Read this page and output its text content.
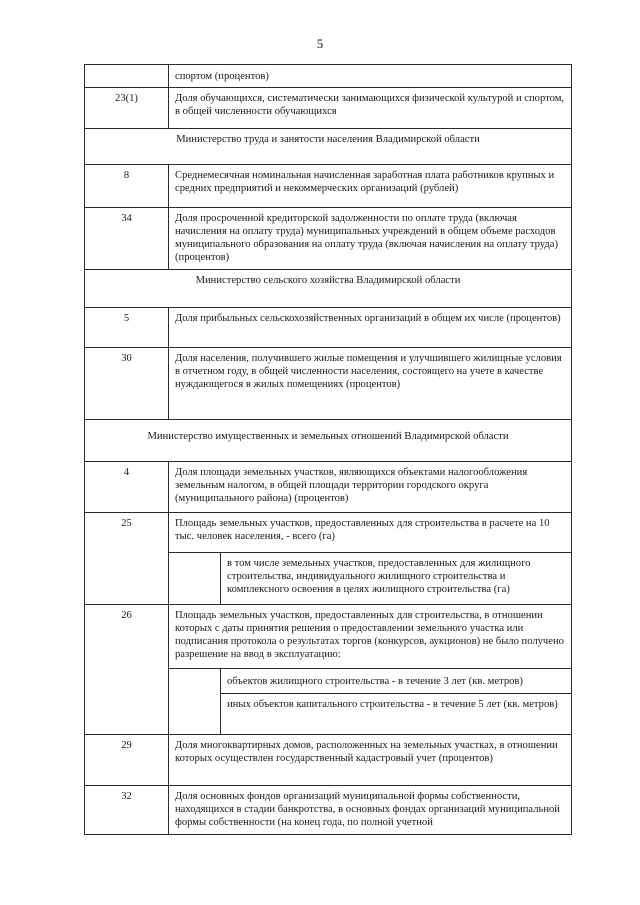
5
	спортом (процентов)	
23(1)	Доля обучающихся, систематически занимающихся физической культурой и спортом, в общей численности обучающихся	
Министерство труда и занятости населения Владимирской области		
8	Среднемесячная номинальная начисленная заработная плата работников крупных и средних предприятий и некоммерческих организаций (рублей)	
34	Доля просроченной кредиторской задолженности по оплате труда (включая начисления на оплату труда) муниципальных учреждений в общем объеме расходов муниципального образования на оплату труда (включая начисления на оплату труда) (процентов)	
Министерство сельского хозяйства Владимирской области		
5	Доля прибыльных сельскохозяйственных организаций в общем их числе (процентов)	
30	Доля населения, получившего жилые помещения и улучшившего жилищные условия в отчетном году, в общей численности населения, состоящего на учете в качестве нуждающегося в жилых помещениях (процентов)	
Министерство имущественных и земельных отношений Владимирской области		
4	Доля площади земельных участков, являющихся объектами налогообложения земельным налогом, в общей площади территории городского округа (муниципального района) (процентов)	
25	Площадь земельных участков, предоставленных для строительства в расчете на 10 тыс. человек населения, - всего (га)	
		в том числе земельных участков, предоставленных для жилищного строительства, индивидуального жилищного строительства и комплексного освоения в целях жилищного строительства (га)
26	Площадь земельных участков, предоставленных для строительства, в отношении которых с даты принятия решения о предоставлении земельного участка или подписания протокола о результатах торгов (конкурсов, аукционов) не было получено разрешение на ввод в эксплуатацию:	
		объектов жилищного строительства - в течение 3 лет (кв. метров)
		иных объектов капитального строительства - в течение 5 лет (кв. метров)
29	Доля многоквартирных домов, расположенных на земельных участках, в отношении которых осуществлен государственный кадастровый учет (процентов)	
32	Доля основных фондов организаций муниципальной формы собственности, находящихся в стадии банкротства, в основных фондах организаций муниципальной формы собственности (на конец года, по полной учетной	
